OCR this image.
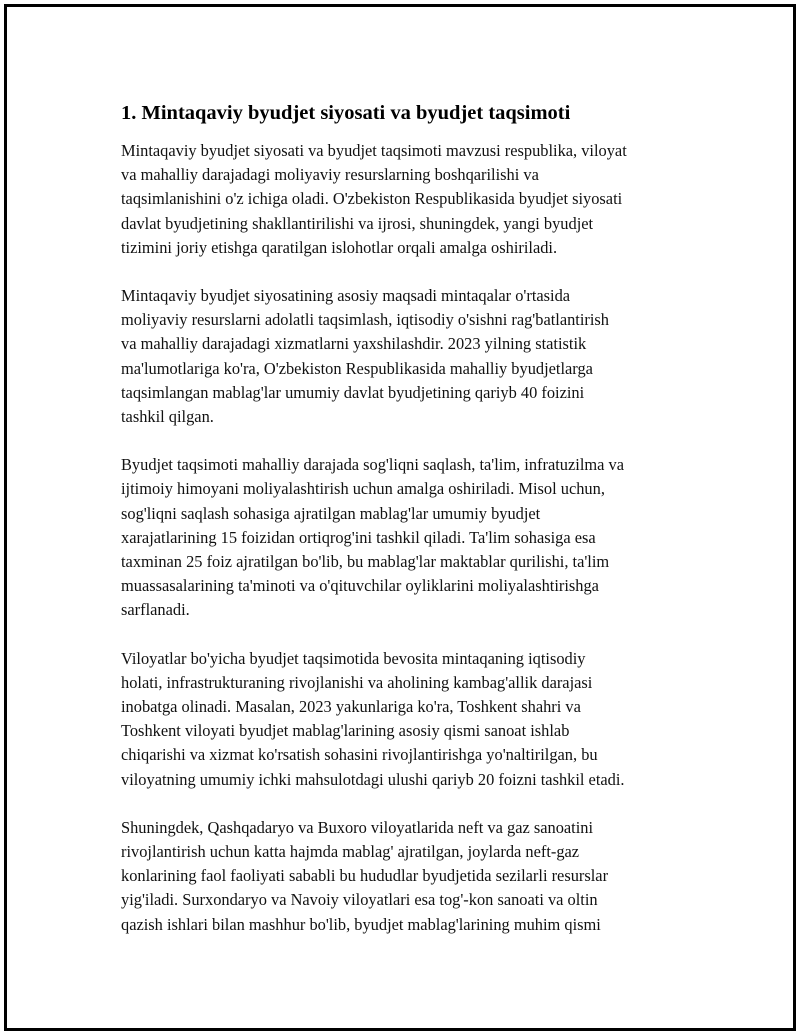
1. Mintaqaviy byudjet siyosati va byudjet taqsimoti

Mintaqaviy byudjet siyosati va byudjet taqsimoti mavzusi respublika, viloyat
va mahalliy darajadagi moliyaviy resurslarning boshqarilishi va
taqsimlanishini o'z ichiga oladi. O'zbekiston Respublikasida byudjet siyosati
davlat byudjetining shakllantirilishi va ijrosi, shuningdek, yangi byudjet
tizimini joriy etishga qaratilgan islohotlar orqali amalga oshiriladi.

Mintaqaviy byudjet siyosatining asosiy maqsadi mintaqalar o'rtasida
moliyaviy resurslarni adolatli taqsimlash, iqtisodiy o'sishni rag'batlantirish
va mahalliy darajadagi xizmatlarni yaxshilashdir. 2023 yilning statistik
ma'lumotlariga ko'ra, O'zbekiston Respublikasida mahalliy byudjetlarga
taqsimlangan mablag'lar umumiy davlat byudjetining qariyb 40 foizini
tashkil qilgan.

Byudjet taqsimoti mahalliy darajada sog'liqni saqlash, ta'lim, infratuzilma va
ijtimoiy himoyani moliyalashtirish uchun amalga oshiriladi. Misol uchun,
sog'liqni saqlash sohasiga ajratilgan mablag'lar umumiy byudjet
xarajatlarining 15 foizidan ortiqrog'ini tashkil qiladi. Ta'lim sohasiga esa
taxminan 25 foiz ajratilgan bo'lib, bu mablag'lar maktablar qurilishi, ta'lim
muassasalarining ta'minoti va o'qituvchilar oyliklarini moliyalashtirishga
sarflanadi.

Viloyatlar bo'yicha byudjet taqsimotida bevosita mintaqaning iqtisodiy
holati, infrastrukturaning rivojlanishi va aholining kambag'allik darajasi
inobatga olinadi. Masalan, 2023 yakunlariga ko'ra, Toshkent shahri va
Toshkent viloyati byudjet mablag'larining asosiy qismi sanoat ishlab
chiqarishi va xizmat ko'rsatish sohasini rivojlantirishga yo'naltirilgan, bu
viloyatning umumiy ichki mahsulotdagi ulushi qariyb 20 foizni tashkil etadi.

Shuningdek, Qashqadaryo va Buxoro viloyatlarida neft va gaz sanoatini
rivojlantirish uchun katta hajmda mablag' ajratilgan, joylarda neft-gaz
konlarining faol faoliyati sababli bu hududlar byudjetida sezilarli resurslar
yig'iladi. Surxondaryo va Navoiy viloyatlari esa tog'-kon sanoati va oltin
qazish ishlari bilan mashhur bo'lib, byudjet mablag'larining muhim qismi
